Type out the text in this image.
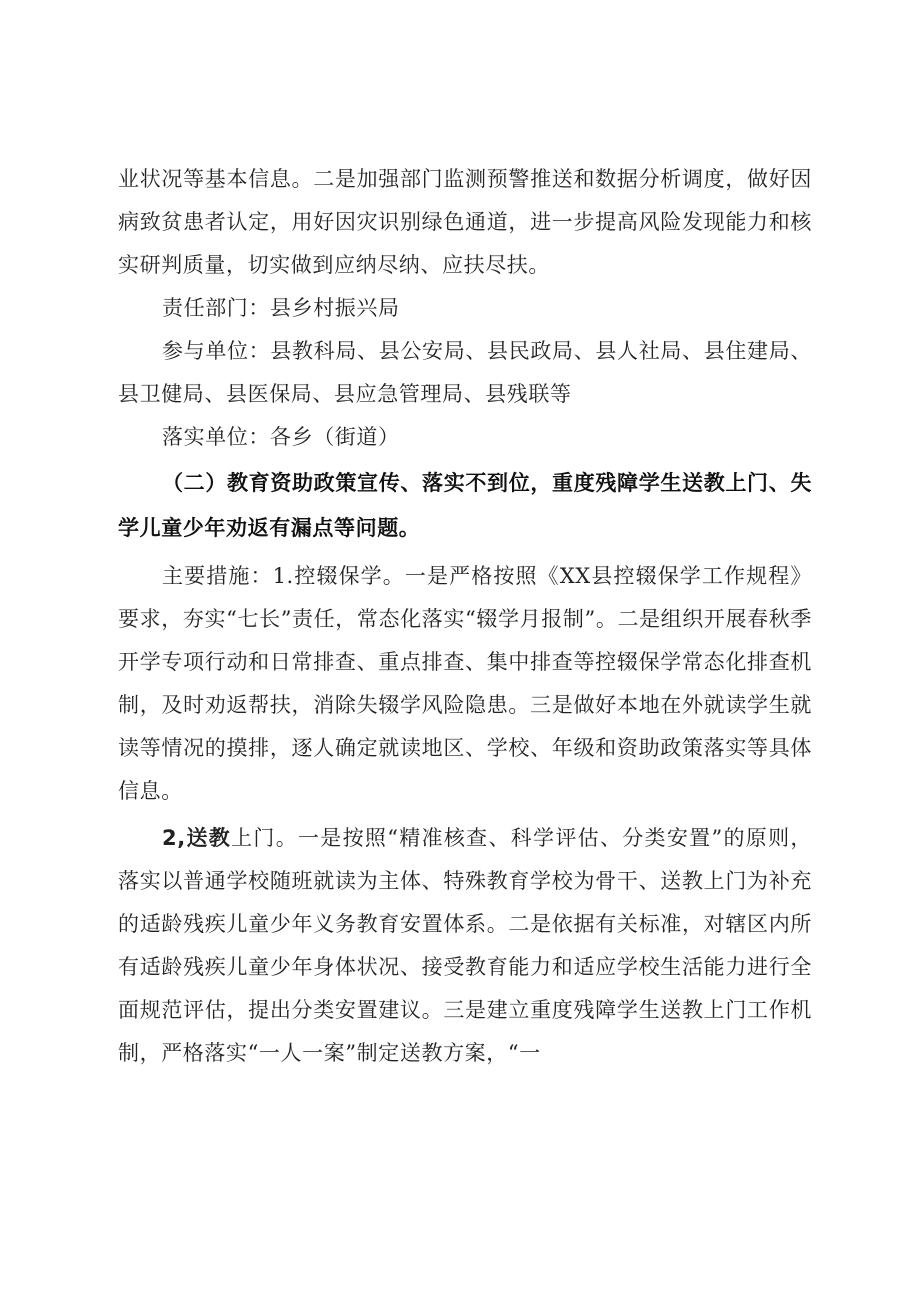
业状况等基本信息。二是加强部门监测预警推送和数据分析调度，做好因病致贫患者认定，用好因灾识别绿色通道，进一步提高风险发现能力和核实研判质量，切实做到应纳尽纳、应扶尽扶。

责任部门：县乡村振兴局

参与单位：县教科局、县公安局、县民政局、县人社局、县住建局、县卫健局、县医保局、县应急管理局、县残联等

落实单位：各乡（街道）

（二）教育资助政策宣传、落实不到位，重度残障学生送教上门、失学儿童少年劝返有漏点等问题。

主要措施：1.控辍保学。一是严格按照《XX县控辍保学工作规程》要求，夯实“七长”责任，常态化落实“辍学月报制”。二是组织开展春秋季开学专项行动和日常排查、重点排查、集中排查等控辍保学常态化排查机制，及时劝返帮扶，消除失辍学风险隐患。三是做好本地在外就读学生就读等情况的摸排，逐人确定就读地区、学校、年级和资助政策落实等具体信息。

2,送教上门。一是按照“精准核查、科学评估、分类安置”的原则，落实以普通学校随班就读为主体、特殊教育学校为骨干、送教上门为补充的适龄残疾儿童少年义务教育安置体系。二是依据有关标准，对辖区内所有适龄残疾儿童少年身体状况、接受教育能力和适应学校生活能力进行全面规范评估，提出分类安置建议。三是建立重度残障学生送教上门工作机制，严格落实“一人一案”制定送教方案，“一
